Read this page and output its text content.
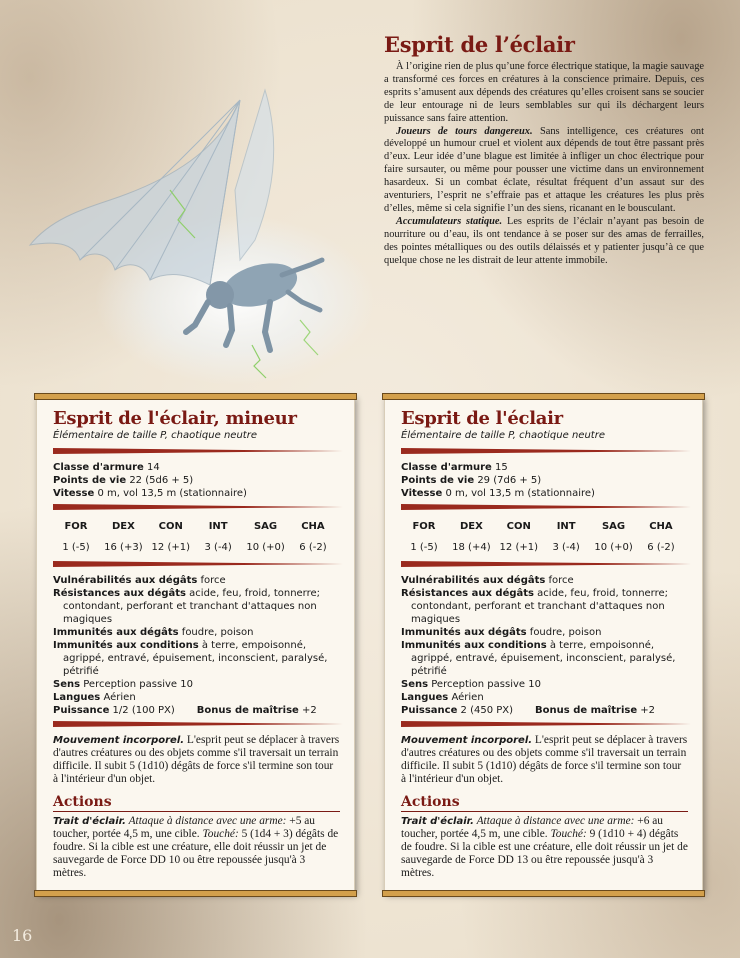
Esprit de l’éclair

À l’origine rien de plus qu’une force électrique statique, la magie sauvage a transformé ces forces en créatures à la conscience primaire. Depuis, ces esprits s’amusent aux dépends des créatures qu’elles croisent sans se soucier de leur entourage ni de leurs semblables sur qui ils déchargent leurs puissance sans faire attention.

Joueurs de tours dangereux. Sans intelligence, ces créatures ont développé un humour cruel et violent aux dépends de tout être passant près d’eux. Leur idée d’une blague est limitée à infliger un choc électrique pour faire sursauter, ou même pour pousser une victime dans un environnement hasardeux. Si un combat éclate, résultat fréquent d’un assaut sur des aventuriers, l’esprit ne s’effraie pas et attaque les créatures les plus près d’elles, même si cela signifie l’un des siens, ricanant en le bousculant.

Accumulateurs statique. Les esprits de l’éclair n’ayant pas besoin de nourriture ou d’eau, ils ont tendance à se poser sur des amas de ferrailles, des pointes métalliques ou des outils délaissés et y patienter jusqu’à ce que quelque chose ne les distrait de leur attente immobile.

Esprit de l'éclair, mineur
Élémentaire de taille P, chaotique neutre
Classe d'armure 14
Points de vie 22 (5d6 + 5)
Vitesse 0 m, vol 13,5 m (stationnaire)
FOR
1 (-5)
DEX
16 (+3)
CON
12 (+1)
INT
3 (-4)
SAG
10 (+0)
CHA
6 (-2)
Vulnérabilités aux dégâts force
Résistances aux dégâts acide, feu, froid, tonnerre; contondant, perforant et tranchant d'attaques non magiques
Immunités aux dégâts foudre, poison
Immunités aux conditions à terre, empoisonné, agrippé, entravé, épuisement, inconscient, paralysé, pétrifié
Sens Perception passive 10
Langues Aérien
Puissance 1/2 (100 PX) Bonus de maîtrise +2
Mouvement incorporel. L'esprit peut se déplacer à travers d'autres créatures ou des objets comme s'il traversait un terrain difficile. Il subit 5 (1d10) dégâts de force s'il termine son tour à l'intérieur d'un objet.
Actions
Trait d'éclair. Attaque à distance avec une arme: +5 au toucher, portée 4,5 m, une cible. Touché: 5 (1d4 + 3) dégâts de foudre. Si la cible est une créature, elle doit réussir un jet de sauvegarde de Force DD 10 ou être repoussée jusqu'à 3 mètres.
Esprit de l'éclair
Élémentaire de taille P, chaotique neutre
Classe d'armure 15
Points de vie 29 (7d6 + 5)
Vitesse 0 m, vol 13,5 m (stationnaire)
FOR
1 (-5)
DEX
18 (+4)
CON
12 (+1)
INT
3 (-4)
SAG
10 (+0)
CHA
6 (-2)
Vulnérabilités aux dégâts force
Résistances aux dégâts acide, feu, froid, tonnerre; contondant, perforant et tranchant d'attaques non magiques
Immunités aux dégâts foudre, poison
Immunités aux conditions à terre, empoisonné, agrippé, entravé, épuisement, inconscient, paralysé, pétrifié
Sens Perception passive 10
Langues Aérien
Puissance 2 (450 PX) Bonus de maîtrise +2
Mouvement incorporel. L'esprit peut se déplacer à travers d'autres créatures ou des objets comme s'il traversait un terrain difficile. Il subit 5 (1d10) dégâts de force s'il termine son tour à l'intérieur d'un objet.
Actions
Trait d'éclair. Attaque à distance avec une arme: +6 au toucher, portée 4,5 m, une cible. Touché: 9 (1d10 + 4) dégâts de foudre. Si la cible est une créature, elle doit réussir un jet de sauvegarde de Force DD 13 ou être repoussée jusqu'à 3 mètres.
16
